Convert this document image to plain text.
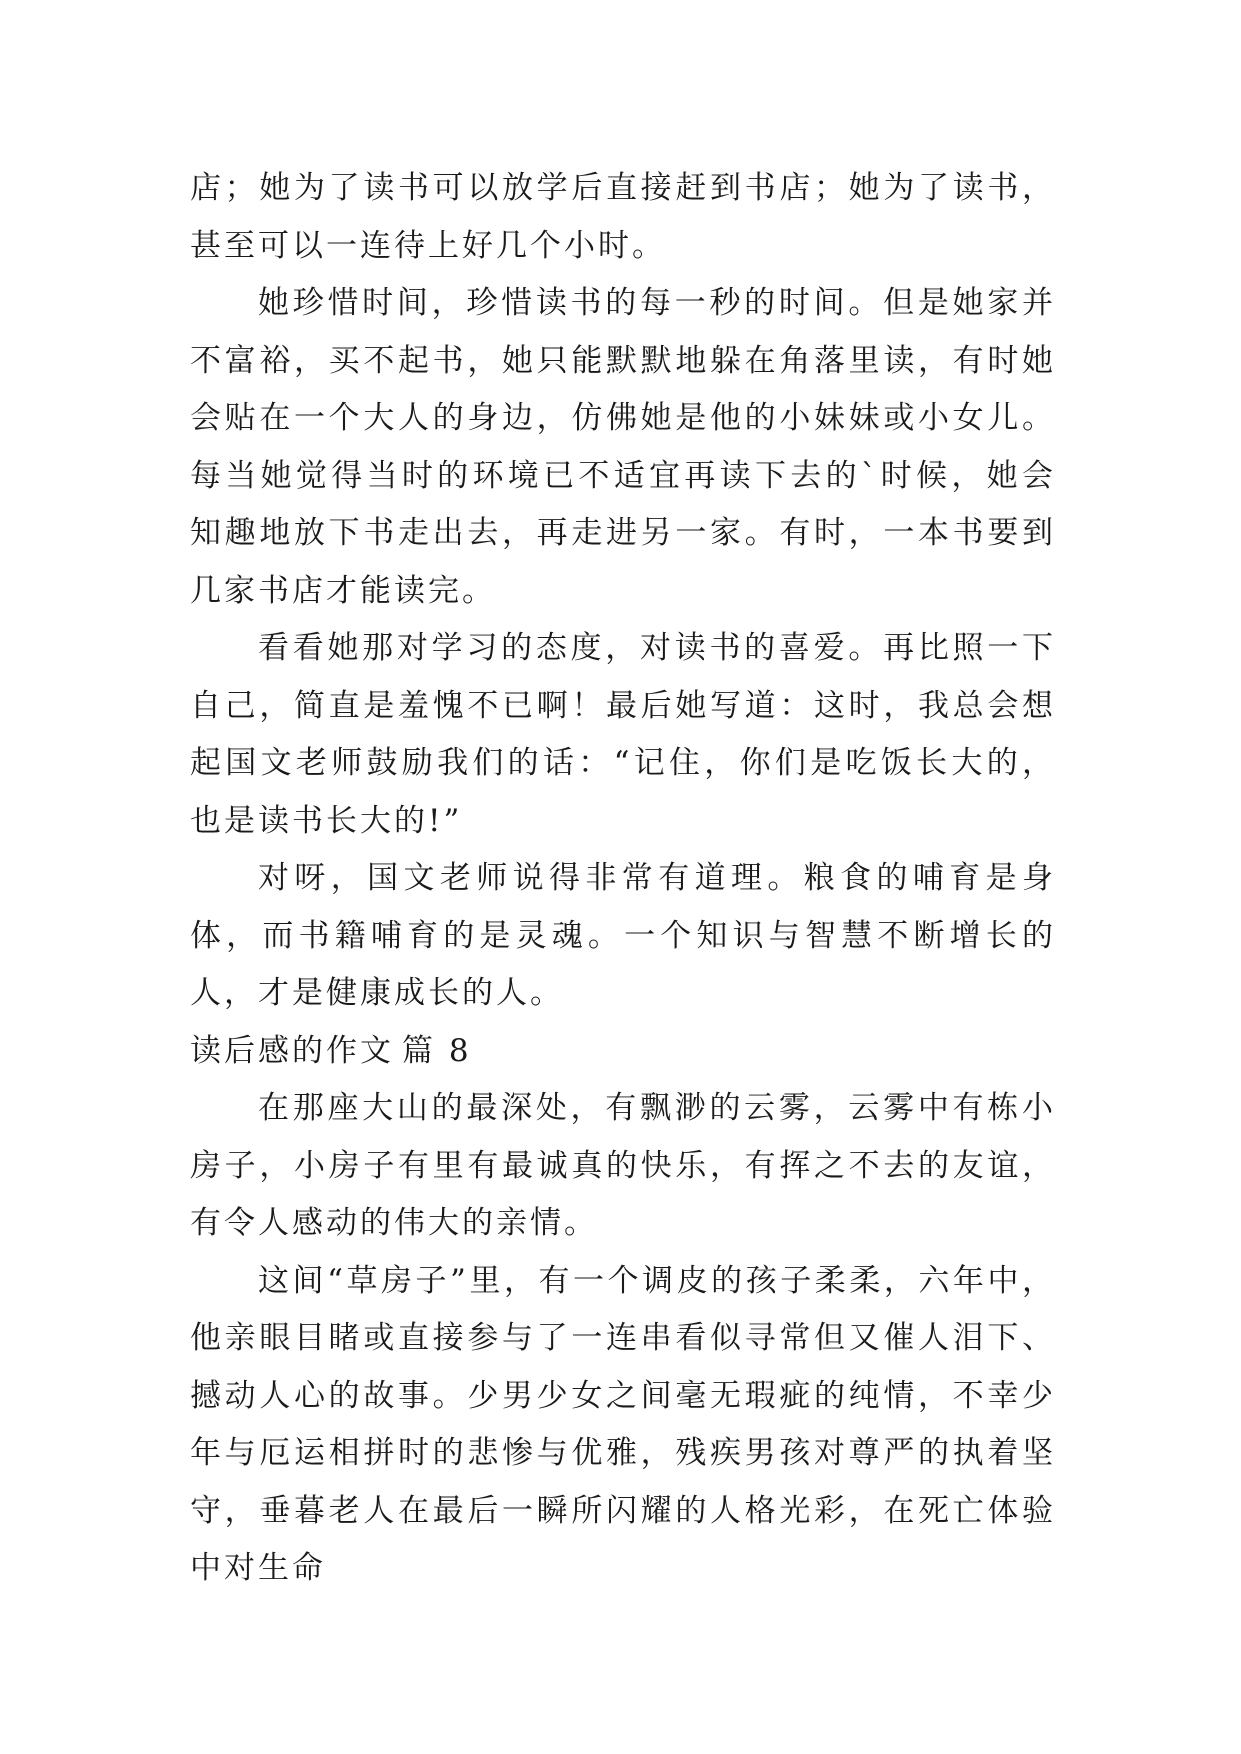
店；她为了读书可以放学后直接赶到书店；她为了读书，甚至可以一连待上好几个小时。

她珍惜时间，珍惜读书的每一秒的时间。但是她家并不富裕，买不起书，她只能默默地躲在角落里读，有时她会贴在一个大人的身边，仿佛她是他的小妹妹或小女儿。每当她觉得当时的环境已不适宜再读下去的`时候，她会知趣地放下书走出去，再走进另一家。有时，一本书要到几家书店才能读完。

看看她那对学习的态度，对读书的喜爱。再比照一下自己，简直是羞愧不已啊！最后她写道：这时，我总会想起国文老师鼓励我们的话：“记住，你们是吃饭长大的，也是读书长大的!”

对呀，国文老师说得非常有道理。粮食的哺育是身体，而书籍哺育的是灵魂。一个知识与智慧不断增长的人，才是健康成长的人。

读后感的作文 篇 8

在那座大山的最深处，有飘渺的云雾，云雾中有栋小房子，小房子有里有最诚真的快乐，有挥之不去的友谊，有令人感动的伟大的亲情。

这间“草房子”里，有一个调皮的孩子柔柔，六年中，他亲眼目睹或直接参与了一连串看似寻常但又催人泪下、撼动人心的故事。少男少女之间毫无瑕疵的纯情，不幸少年与厄运相拼时的悲惨与优雅，残疾男孩对尊严的执着坚守，垂暮老人在最后一瞬所闪耀的人格光彩，在死亡体验中对生命
